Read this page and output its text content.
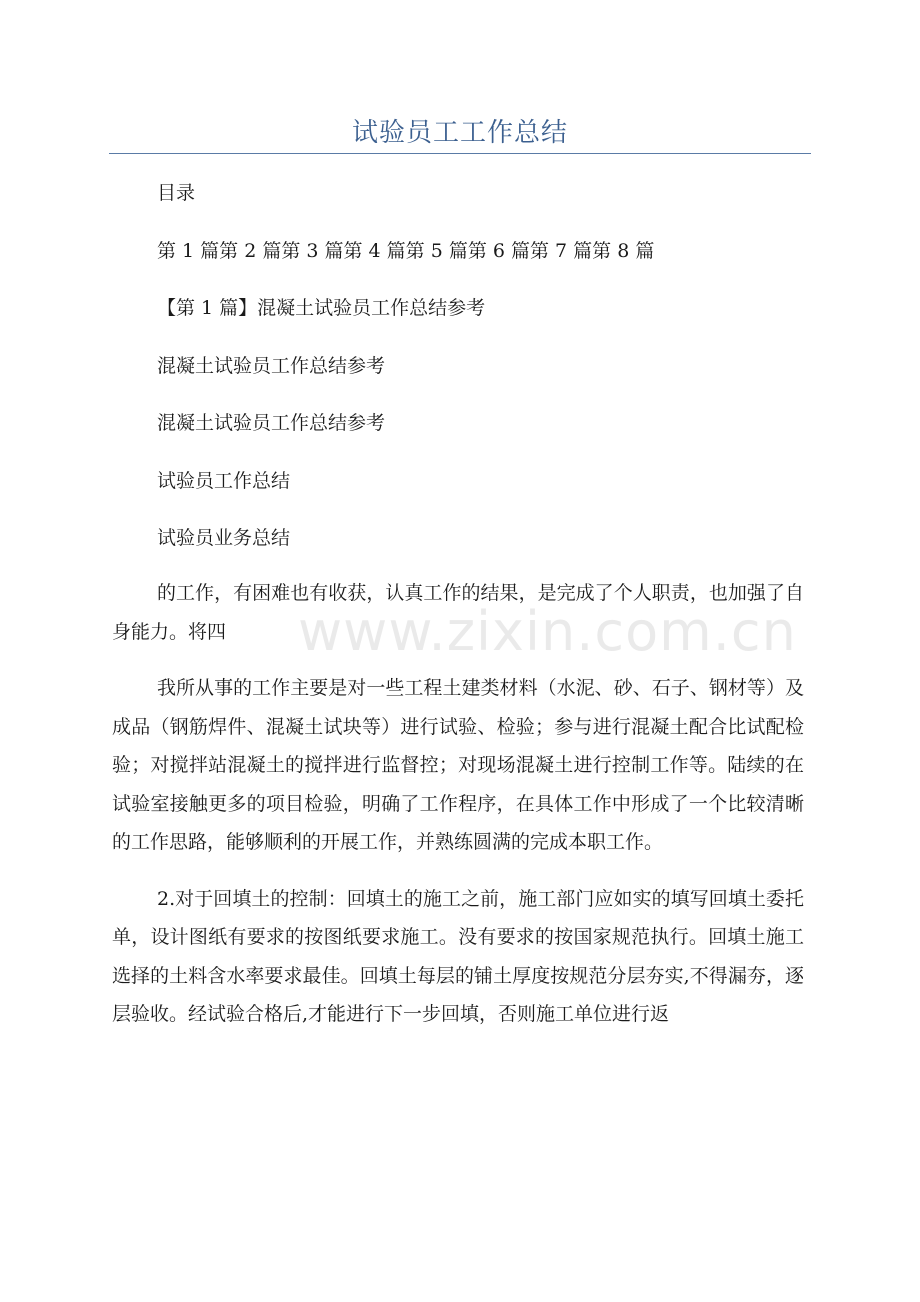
试验员工工作总结

目录

第 1 篇第 2 篇第 3 篇第 4 篇第 5 篇第 6 篇第 7 篇第 8 篇

【第 1 篇】混凝土试验员工作总结参考

混凝土试验员工作总结参考

混凝土试验员工作总结参考

试验员工作总结

试验员业务总结

的工作，有困难也有收获，认真工作的结果，是完成了个人职责，也加强了自身能力。将四

我所从事的工作主要是对一些工程土建类材料（水泥、砂、石子、钢材等）及成品（钢筋焊件、混凝土试块等）进行试验、检验；参与进行混凝土配合比试配检验；对搅拌站混凝土的搅拌进行监督控；对现场混凝土进行控制工作等。陆续的在试验室接触更多的项目检验，明确了工作程序，在具体工作中形成了一个比较清晰的工作思路，能够顺利的开展工作，并熟练圆满的完成本职工作。

2.对于回填土的控制：回填土的施工之前，施工部门应如实的填写回填土委托单，设计图纸有要求的按图纸要求施工。没有要求的按国家规范执行。回填土施工选择的土料含水率要求最佳。回填土每层的铺土厚度按规范分层夯实,不得漏夯，逐层验收。经试验合格后,才能进行下一步回填，否则施工单位进行返

www.zixin.com.cn
